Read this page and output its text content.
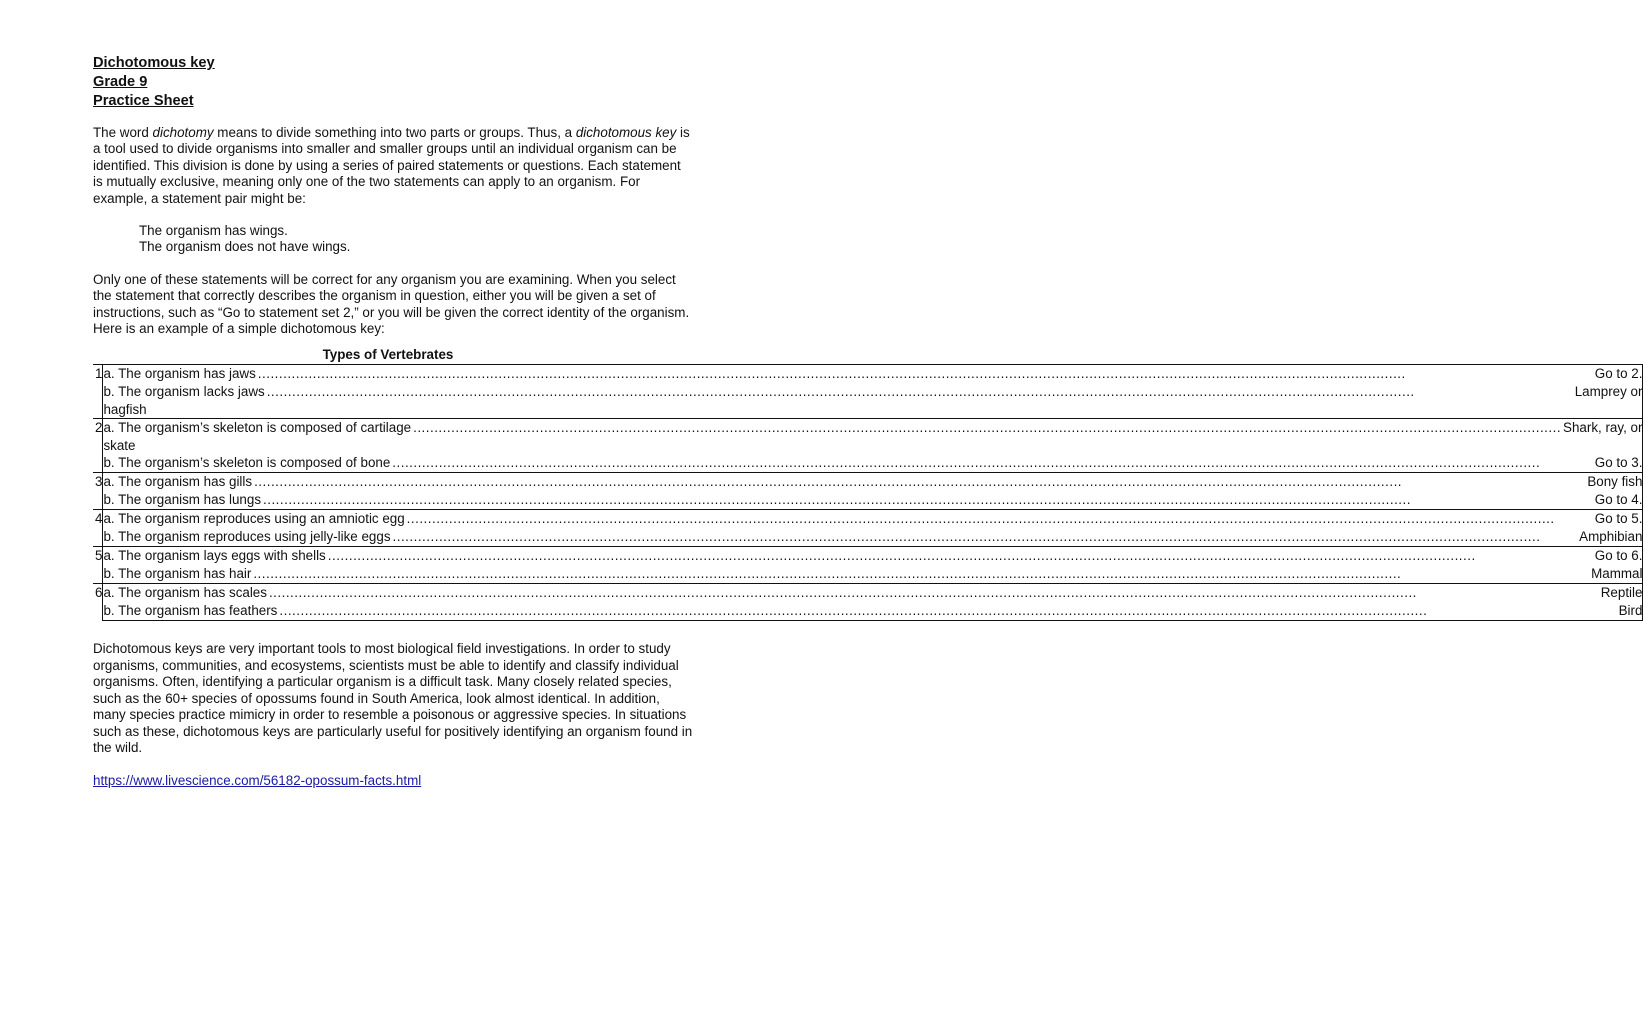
Dichotomous key
Grade 9
Practice Sheet

The word dichotomy means to divide something into two parts or groups. Thus, a dichotomous key is a tool used to divide organisms into smaller and smaller groups until an individual organism can be identified. This division is done by using a series of paired statements or questions. Each statement is mutually exclusive, meaning only one of the two statements can apply to an organism. For example, a statement pair might be:

The organism has wings.
The organism does not have wings.

Only one of these statements will be correct for any organism you are examining. When you select the statement that correctly describes the organism in question, either you will be given a set of instructions, such as “Go to statement set 2,” or you will be given the correct identity of the organism. Here is an example of a simple dichotomous key:

Types of Vertebrates
1	a. The organism has jaws ..... Go to 2.

	b. The organism lacks jaws ..... Lamprey or
hagfish

2	a. The organism’s skeleton is composed of cartilage ..... Shark, ray, or
skate

	b. The organism’s skeleton is composed of bone ..... Go to 3.

3	a. The organism has gills ..... Bony fish

	b. The organism has lungs ..... Go to 4.

4	a. The organism reproduces using an amniotic egg ..... Go to 5.

	b. The organism reproduces using jelly-like eggs ..... Amphibian

5	a. The organism lays eggs with shells ..... Go to 6.

	b. The organism has hair ..... Mammal

6	a. The organism has scales ..... Reptile

	b. The organism has feathers ..... Bird

Dichotomous keys are very important tools to most biological field investigations. In order to study organisms, communities, and ecosystems, scientists must be able to identify and classify individual organisms. Often, identifying a particular organism is a difficult task. Many closely related species, such as the 60+ species of opossums found in South America, look almost identical. In addition, many species practice mimicry in order to resemble a poisonous or aggressive species. In situations such as these, dichotomous keys are particularly useful for positively identifying an organism found in the wild.

https://www.livescience.com/56182-opossum-facts.html
